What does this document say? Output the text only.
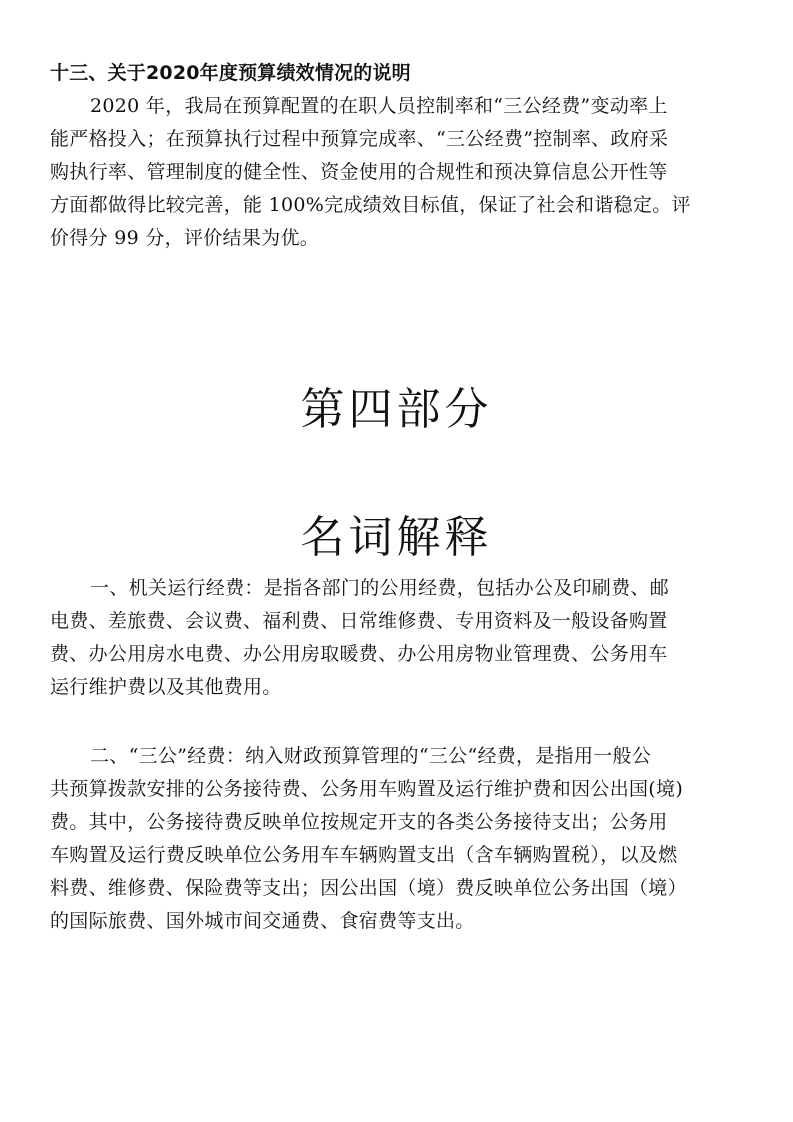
十三、关于2020年度预算绩效情况的说明
2020 年，我局在预算配置的在职人员控制率和“三公经费”变动率上
能严格投入；在预算执行过程中预算完成率、“三公经费”控制率、政府采
购执行率、管理制度的健全性、资金使用的合规性和预决算信息公开性等
方面都做得比较完善，能 100%完成绩效目标值，保证了社会和谐稳定。评
价得分 99 分，评价结果为优。
第四部分
名词解释
一、机关运行经费：是指各部门的公用经费，包括办公及印刷费、邮
电费、差旅费、会议费、福利费、日常维修费、专用资料及一般设备购置
费、办公用房水电费、办公用房取暖费、办公用房物业管理费、公务用车
运行维护费以及其他费用。
二、“三公”经费：纳入财政预算管理的“三公“经费，是指用一般公
共预算拨款安排的公务接待费、公务用车购置及运行维护费和因公出国(境)
费。其中，公务接待费反映单位按规定开支的各类公务接待支出；公务用
车购置及运行费反映单位公务用车车辆购置支出（含车辆购置税），以及燃
料费、维修费、保险费等支出；因公出国（境）费反映单位公务出国（境）
的国际旅费、国外城市间交通费、食宿费等支出。
